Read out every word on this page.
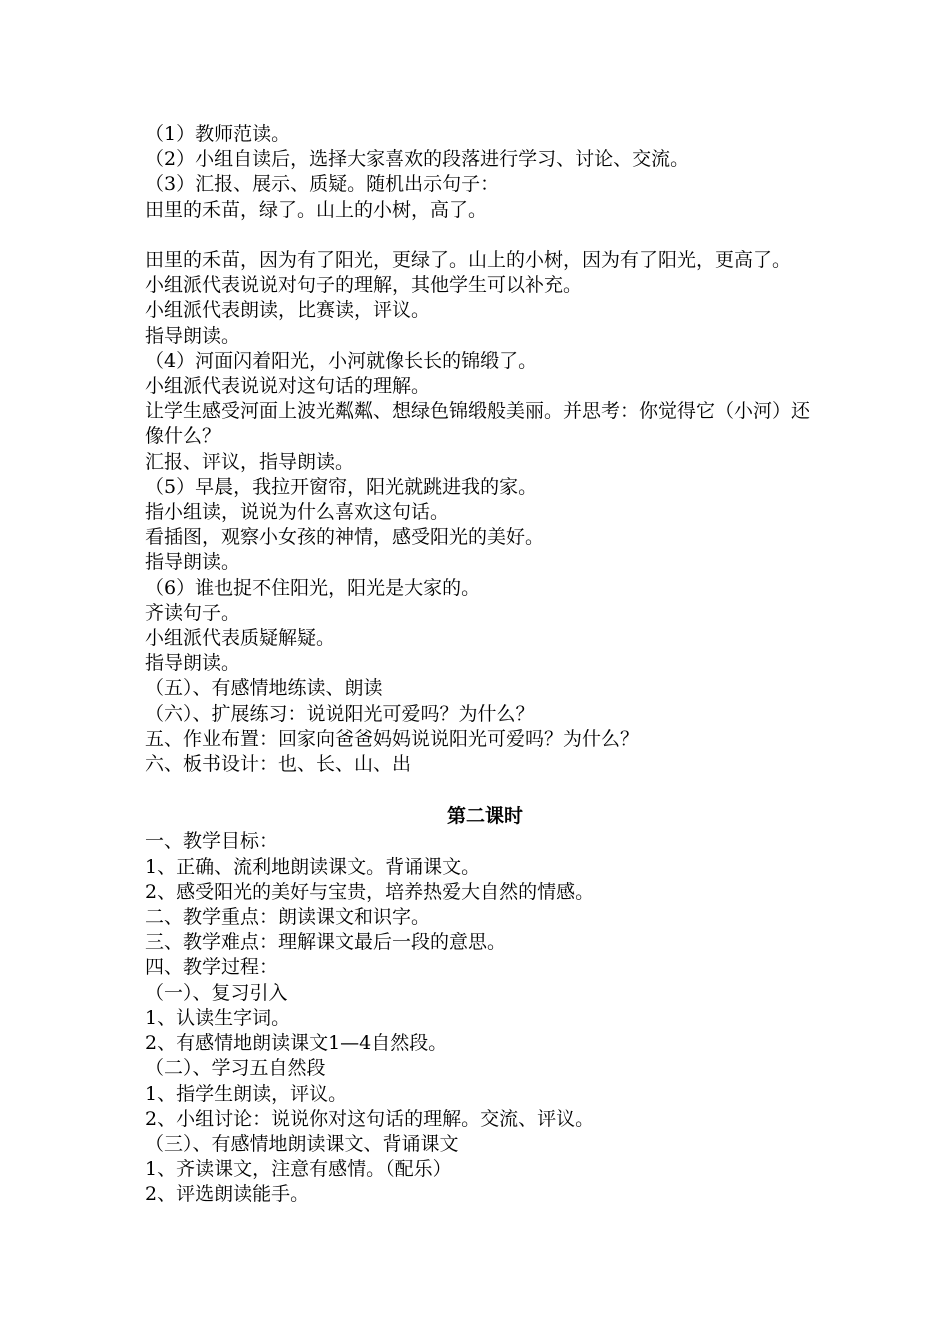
（1）教师范读。
（2）小组自读后，选择大家喜欢的段落进行学习、讨论、交流。
（3）汇报、展示、质疑。随机出示句子：
田里的禾苗，绿了。山上的小树，高了。
田里的禾苗，因为有了阳光，更绿了。山上的小树，因为有了阳光，更高了。
小组派代表说说对句子的理解，其他学生可以补充。
小组派代表朗读，比赛读，评议。
指导朗读。
（4）河面闪着阳光，小河就像长长的锦缎了。
小组派代表说说对这句话的理解。
让学生感受河面上波光粼粼、想绿色锦缎般美丽。并思考：你觉得它（小河）还像什么？
汇报、评议，指导朗读。
（5）早晨，我拉开窗帘，阳光就跳进我的家。
指小组读，说说为什么喜欢这句话。
看插图，观察小女孩的神情，感受阳光的美好。
指导朗读。
（6）谁也捉不住阳光，阳光是大家的。
齐读句子。
小组派代表质疑解疑。
指导朗读。
（五）、有感情地练读、朗读
（六）、扩展练习：说说阳光可爱吗？为什么？
五、作业布置：回家向爸爸妈妈说说阳光可爱吗？为什么？
六、板书设计：也、长、山、出
第二课时
一、教学目标：
1、正确、流利地朗读课文。背诵课文。
2、感受阳光的美好与宝贵，培养热爱大自然的情感。
二、教学重点：朗读课文和识字。
三、教学难点：理解课文最后一段的意思。
四、教学过程：
（一）、复习引入
1、认读生字词。
2、有感情地朗读课文1—4自然段。
（二）、学习五自然段
1、指学生朗读，评议。
2、小组讨论：说说你对这句话的理解。交流、评议。
（三）、有感情地朗读课文、背诵课文
1、齐读课文，注意有感情。（配乐）
2、评选朗读能手。
